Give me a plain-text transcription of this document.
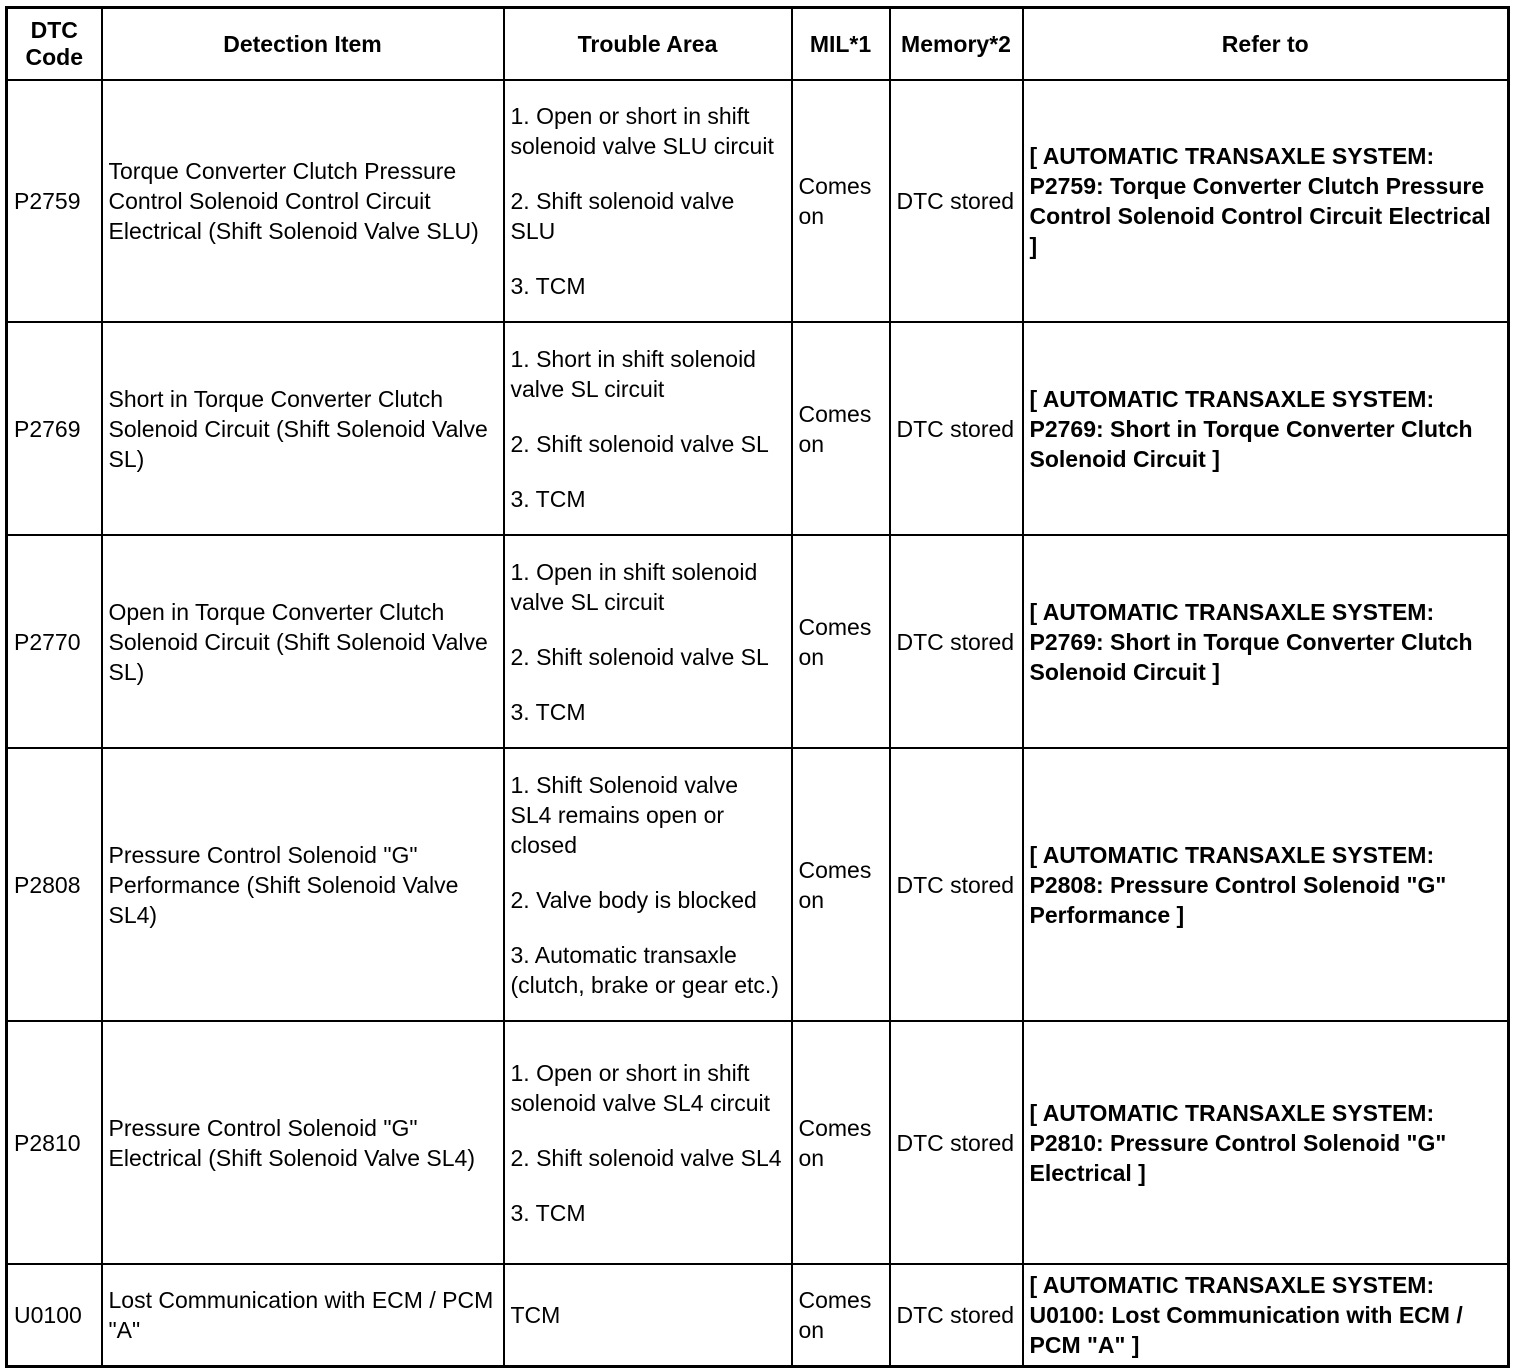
DTC Code	Detection Item	Trouble Area	MIL*1	Memory*2	Refer to
P2759	Torque Converter Clutch Pressure Control Solenoid Control Circuit Electrical (Shift Solenoid Valve SLU)	1. Open or short in shift solenoid valve SLU circuit
2. Shift solenoid valve SLU
3. TCM	Comes on	DTC stored	[ AUTOMATIC TRANSAXLE SYSTEM: P2759: Torque Converter Clutch Pressure Control Solenoid Control Circuit Electrical ]
P2769	Short in Torque Converter Clutch Solenoid Circuit (Shift Solenoid Valve SL)	1. Short in shift solenoid valve SL circuit
2. Shift solenoid valve SL
3. TCM	Comes on	DTC stored	[ AUTOMATIC TRANSAXLE SYSTEM: P2769: Short in Torque Converter Clutch Solenoid Circuit ]
P2770	Open in Torque Converter Clutch Solenoid Circuit (Shift Solenoid Valve SL)	1. Open in shift solenoid valve SL circuit
2. Shift solenoid valve SL
3. TCM	Comes on	DTC stored	[ AUTOMATIC TRANSAXLE SYSTEM: P2769: Short in Torque Converter Clutch Solenoid Circuit ]
P2808	Pressure Control Solenoid "G" Performance (Shift Solenoid Valve SL4)	1. Shift Solenoid valve SL4 remains open or closed
2. Valve body is blocked
3. Automatic transaxle (clutch, brake or gear etc.)	Comes on	DTC stored	[ AUTOMATIC TRANSAXLE SYSTEM: P2808: Pressure Control Solenoid "G" Performance ]
P2810	Pressure Control Solenoid "G" Electrical (Shift Solenoid Valve SL4)	1. Open or short in shift solenoid valve SL4 circuit
2. Shift solenoid valve SL4
3. TCM	Comes on	DTC stored	[ AUTOMATIC TRANSAXLE SYSTEM: P2810: Pressure Control Solenoid "G" Electrical ]
U0100	Lost Communication with ECM / PCM "A"	TCM	Comes on	DTC stored	[ AUTOMATIC TRANSAXLE SYSTEM: U0100: Lost Communication with ECM / PCM "A" ]
